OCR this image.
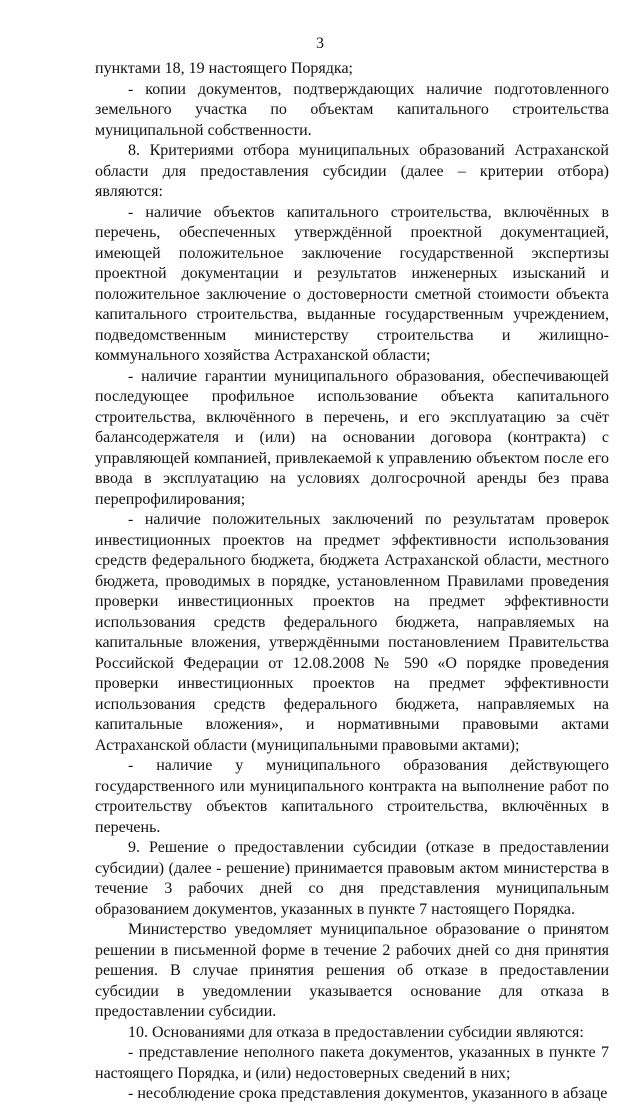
3

пунктами 18, 19 настоящего Порядка;

- копии документов, подтверждающих наличие подготовленного земельного участка по объектам капитального строительства муниципальной собственности.

8. Критериями отбора муниципальных образований Астраханской области для предоставления субсидии (далее – критерии отбора) являются:

- наличие объектов капитального строительства, включённых в перечень, обеспеченных утверждённой проектной документацией, имеющей положительное заключение государственной экспертизы проектной документации и результатов инженерных изысканий и положительное заключение о достоверности сметной стоимости объекта капитального строительства, выданные государственным учреждением, подведомственным министерству строительства и жилищно-коммунального хозяйства Астраханской области;

- наличие гарантии муниципального образования, обеспечивающей последующее профильное использование объекта капитального строительства, включённого в перечень, и его эксплуатацию за счёт балансодержателя и (или) на основании договора (контракта) с управляющей компанией, привлекаемой к управлению объектом после его ввода в эксплуатацию на условиях долгосрочной аренды без права перепрофилирования;

- наличие положительных заключений по результатам проверок инвестиционных проектов на предмет эффективности использования средств федерального бюджета, бюджета Астраханской области, местного бюджета, проводимых в порядке, установленном Правилами проведения проверки инвестиционных проектов на предмет эффективности использования средств федерального бюджета, направляемых на капитальные вложения, утверждёнными постановлением Правительства Российской Федерации от 12.08.2008 № 590 «О порядке проведения проверки инвестиционных проектов на предмет эффективности использования средств федерального бюджета, направляемых на капитальные вложения», и нормативными правовыми актами Астраханской области (муниципальными правовыми актами);

- наличие у муниципального образования действующего государственного или муниципального контракта на выполнение работ по строительству объектов капитального строительства, включённых в перечень.

9. Решение о предоставлении субсидии (отказе в предоставлении субсидии) (далее - решение) принимается правовым актом министерства в течение 3 рабочих дней со дня представления муниципальным образованием документов, указанных в пункте 7 настоящего Порядка.

Министерство уведомляет муниципальное образование о принятом решении в письменной форме в течение 2 рабочих дней со дня принятия решения. В случае принятия решения об отказе в предоставлении субсидии в уведомлении указывается основание для отказа в предоставлении субсидии.

10. Основаниями для отказа в предоставлении субсидии являются:

- представление неполного пакета документов, указанных в пункте 7 настоящего Порядка, и (или) недостоверных сведений в них;

- несоблюдение срока представления документов, указанного в абзаце
